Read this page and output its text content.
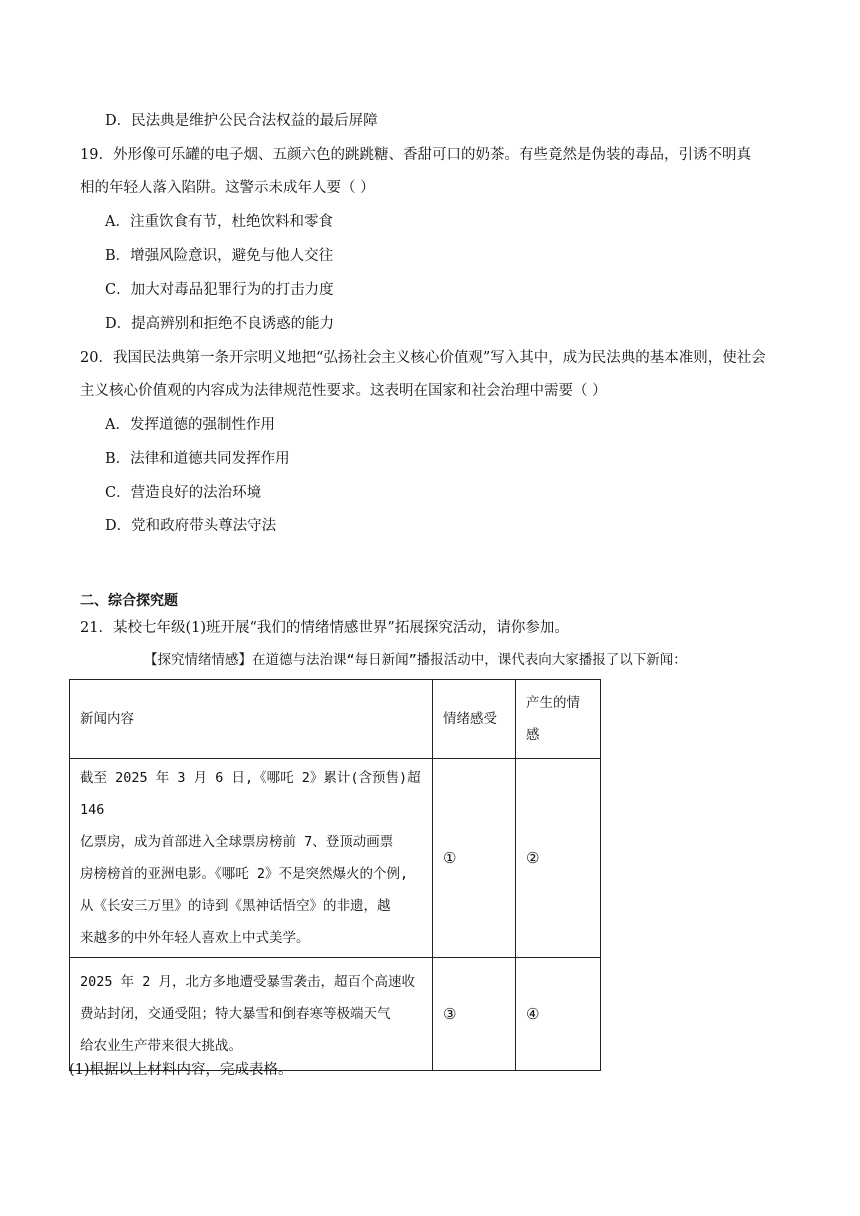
D．民法典是维护公民合法权益的最后屏障
19．外形像可乐罐的电子烟、五颜六色的跳跳糖、香甜可口的奶茶。有些竟然是伪装的毒品，引诱不明真
相的年轻人落入陷阱。这警示未成年人要（ ）
A．注重饮食有节，杜绝饮料和零食
B．增强风险意识，避免与他人交往
C．加大对毒品犯罪行为的打击力度
D．提高辨别和拒绝不良诱惑的能力
20．我国民法典第一条开宗明义地把“弘扬社会主义核心价值观”写入其中，成为民法典的基本准则，使社会
主义核心价值观的内容成为法律规范性要求。这表明在国家和社会治理中需要（ ）
A．发挥道德的强制性作用
B．法律和道德共同发挥作用
C．营造良好的法治环境
D．党和政府带头尊法守法
二、综合探究题
21．某校七年级(1)班开展“我们的情绪情感世界”拓展探究活动，请你参加。
【探究情绪情感】在道德与法治课“每日新闻”播报活动中，课代表向大家播报了以下新闻：
新闻内容	情绪感受	产生的情
感

截至 2025 年 3 月 6 日,《哪吒 2》累计(含预售)超 146
亿票房，成为首部进入全球票房榜前 7、登顶动画票
房榜榜首的亚洲电影。《哪吒 2》不是突然爆火的个例,
从《长安三万里》的诗到《黑神话悟空》的非遗，越
来越多的中外年轻人喜欢上中式美学。	①	②

2025 年 2 月，北方多地遭受暴雪袭击，超百个高速收
费站封闭，交通受阻；特大暴雪和倒春寒等极端天气
给农业生产带来很大挑战。	③	④
(1)根据以上材料内容，完成表格。
